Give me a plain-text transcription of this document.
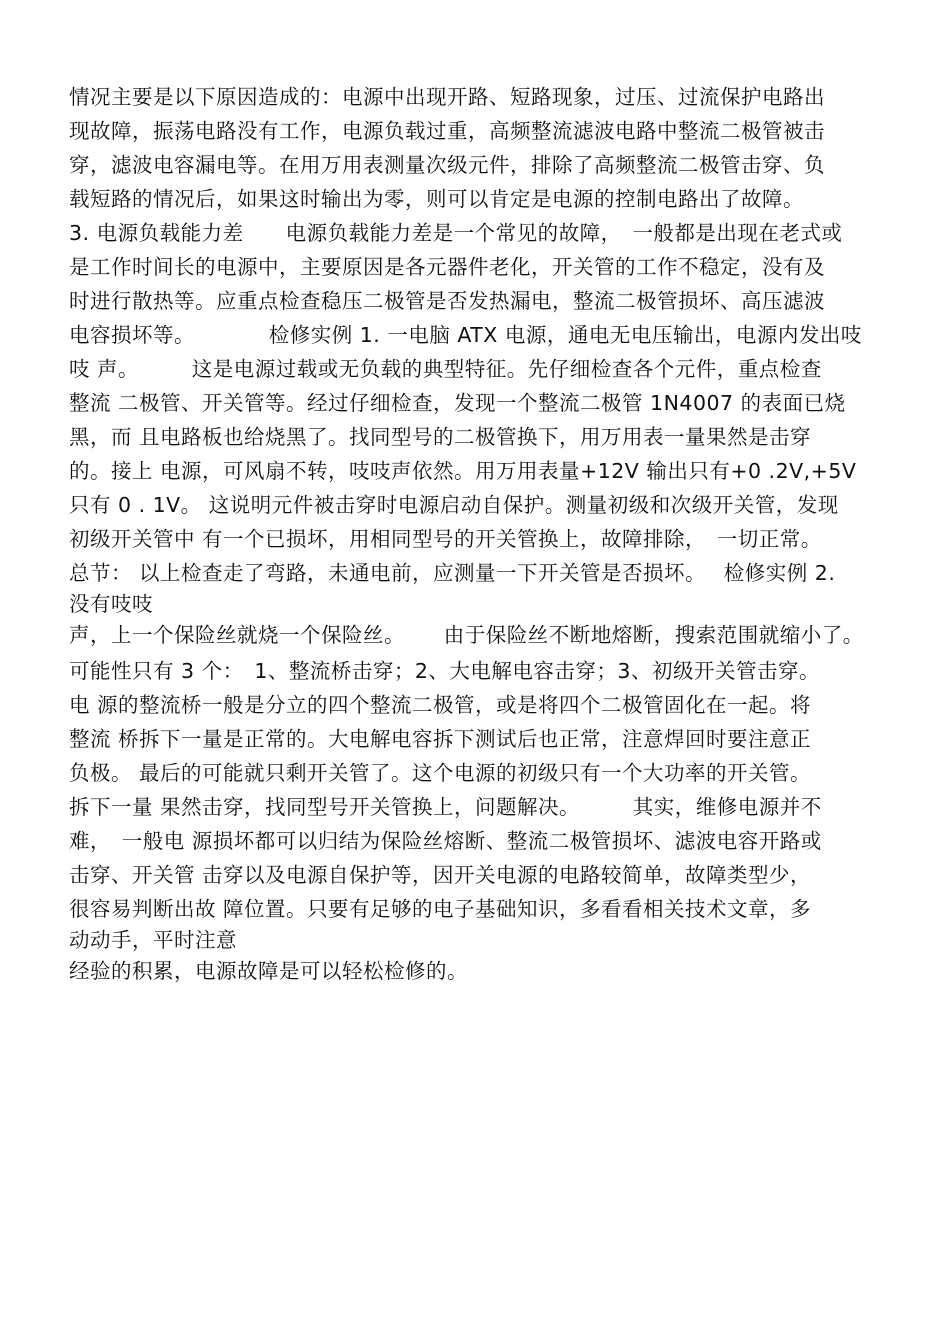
情况主要是以下原因造成的：电源中出现开路、短路现象，过压、过流保护电路出
现故障，振荡电路没有工作，电源负载过重，高频整流滤波电路中整流二极管被击
穿，滤波电容漏电等。在用万用表测量次级元件，排除了高频整流二极管击穿、负
载短路的情况后，如果这时输出为零，则可以肯定是电源的控制电路出了故障。
3. 电源负载能力差　　电源负载能力差是一个常见的故障，　一般都是出现在老式或
是工作时间长的电源中，主要原因是各元器件老化，开关管的工作不稳定，没有及
时进行散热等。应重点检查稳压二极管是否发热漏电，整流二极管损坏、高压滤波
电容损坏等。　　　　检修实例 1. 一电脑 ATX 电源，通电无电压输出，电源内发出吱
吱 声。　　　这是电源过载或无负载的典型特征。先仔细检查各个元件，重点检查
整流 二极管、开关管等。经过仔细检查，发现一个整流二极管 1N4007 的表面已烧
黑，而 且电路板也给烧黑了。找同型号的二极管换下，用万用表一量果然是击穿
的。接上 电源，可风扇不转，吱吱声依然。用万用表量+12V 输出只有+0 .2V,+5V
只有 0 . 1V。 这说明元件被击穿时电源启动自保护。测量初级和次级开关管，发现
初级开关管中 有一个已损坏，用相同型号的开关管换上，故障排除，　一切正常。
总节： 以上检查走了弯路，未通电前，应测量一下开关管是否损坏。　 检修实例 2.
没有吱吱
声，上一个保险丝就烧一个保险丝。　　 由于保险丝不断地熔断，搜索范围就缩小了。
可能性只有 3 个：　1、整流桥击穿；2、大电解电容击穿；3、初级开关管击穿。
电 源的整流桥一般是分立的四个整流二极管，或是将四个二极管固化在一起。将
整流 桥拆下一量是正常的。大电解电容拆下测试后也正常，注意焊回时要注意正
负极。 最后的可能就只剩开关管了。这个电源的初级只有一个大功率的开关管。
拆下一量 果然击穿，找同型号开关管换上，问题解决。　　　其实，维修电源并不
难，　一般电 源损坏都可以归结为保险丝熔断、整流二极管损坏、滤波电容开路或
击穿、开关管 击穿以及电源自保护等，因开关电源的电路较简单，故障类型少，
很容易判断出故 障位置。只要有足够的电子基础知识，多看看相关技术文章，多
动动手，平时注意
经验的积累，电源故障是可以轻松检修的。
